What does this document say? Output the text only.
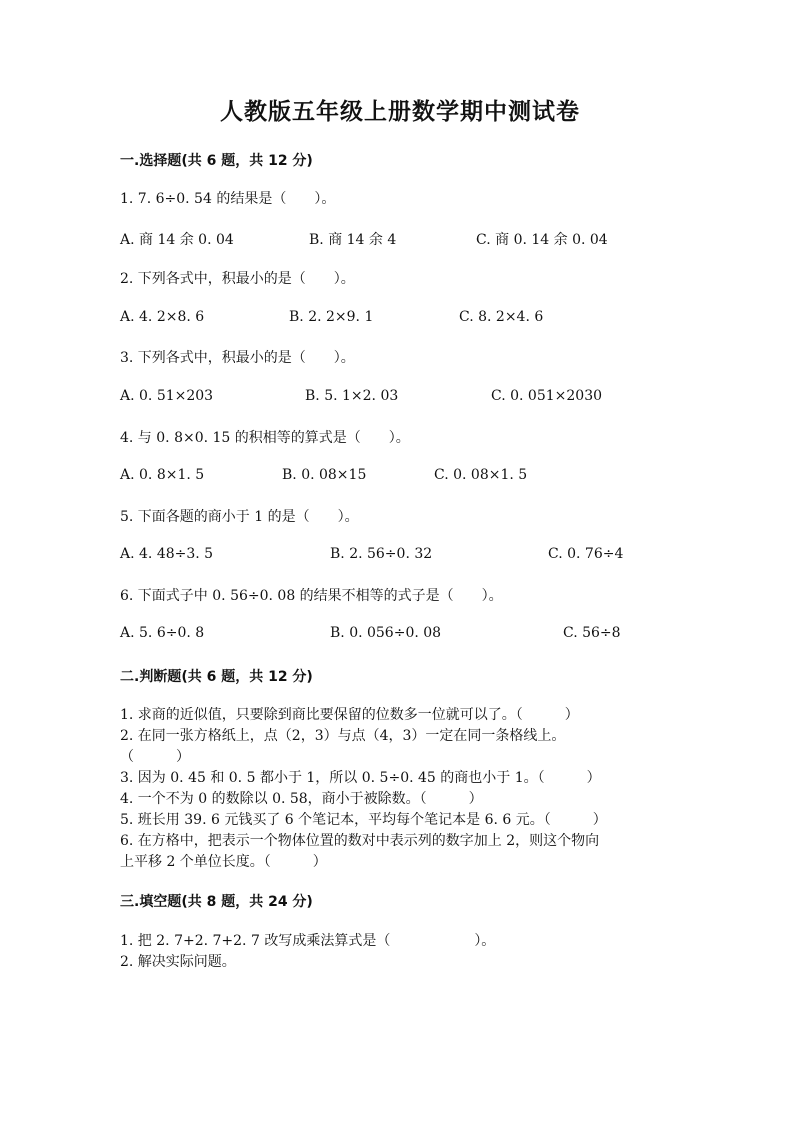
人教版五年级上册数学期中测试卷
一.选择题(共 6 题，共 12 分)
1. 7. 6÷0. 54 的结果是（　　）。
A. 商 14 余 0. 04	B. 商 14 余 4	C. 商 0. 14 余 0. 04
2. 下列各式中，积最小的是（　　）。
A. 4. 2×8. 6	B. 2. 2×9. 1	C. 8. 2×4. 6
3. 下列各式中，积最小的是（　　）。
A. 0. 51×203	B. 5. 1×2. 03	C. 0. 051×2030
4. 与 0. 8×0. 15 的积相等的算式是（　　）。
A. 0. 8×1. 5	B. 0. 08×15	C. 0. 08×1. 5
5. 下面各题的商小于 1 的是（　　）。
A. 4. 48÷3. 5	B. 2. 56÷0. 32	C. 0. 76÷4
6. 下面式子中 0. 56÷0. 08 的结果不相等的式子是（　　）。
A. 5. 6÷0. 8	B. 0. 056÷0. 08	C. 56÷8
二.判断题(共 6 题，共 12 分)
1. 求商的近似值，只要除到商比要保留的位数多一位就可以了。（　　　）
2. 在同一张方格纸上，点（2，3）与点（4，3）一定在同一条格线上。
（　　　）
3. 因为 0. 45 和 0. 5 都小于 1，所以 0. 5÷0. 45 的商也小于 1。（　　　）
4. 一个不为 0 的数除以 0. 58，商小于被除数。（　　　）
5. 班长用 39. 6 元钱买了 6 个笔记本，平均每个笔记本是 6. 6 元。（　　　）
6. 在方格中，把表示一个物体位置的数对中表示列的数字加上 2，则这个物向
上平移 2 个单位长度。（　　　）
三.填空题(共 8 题，共 24 分)
1. 把 2. 7+2. 7+2. 7 改写成乘法算式是（　　　　　　）。
2. 解决实际问题。
